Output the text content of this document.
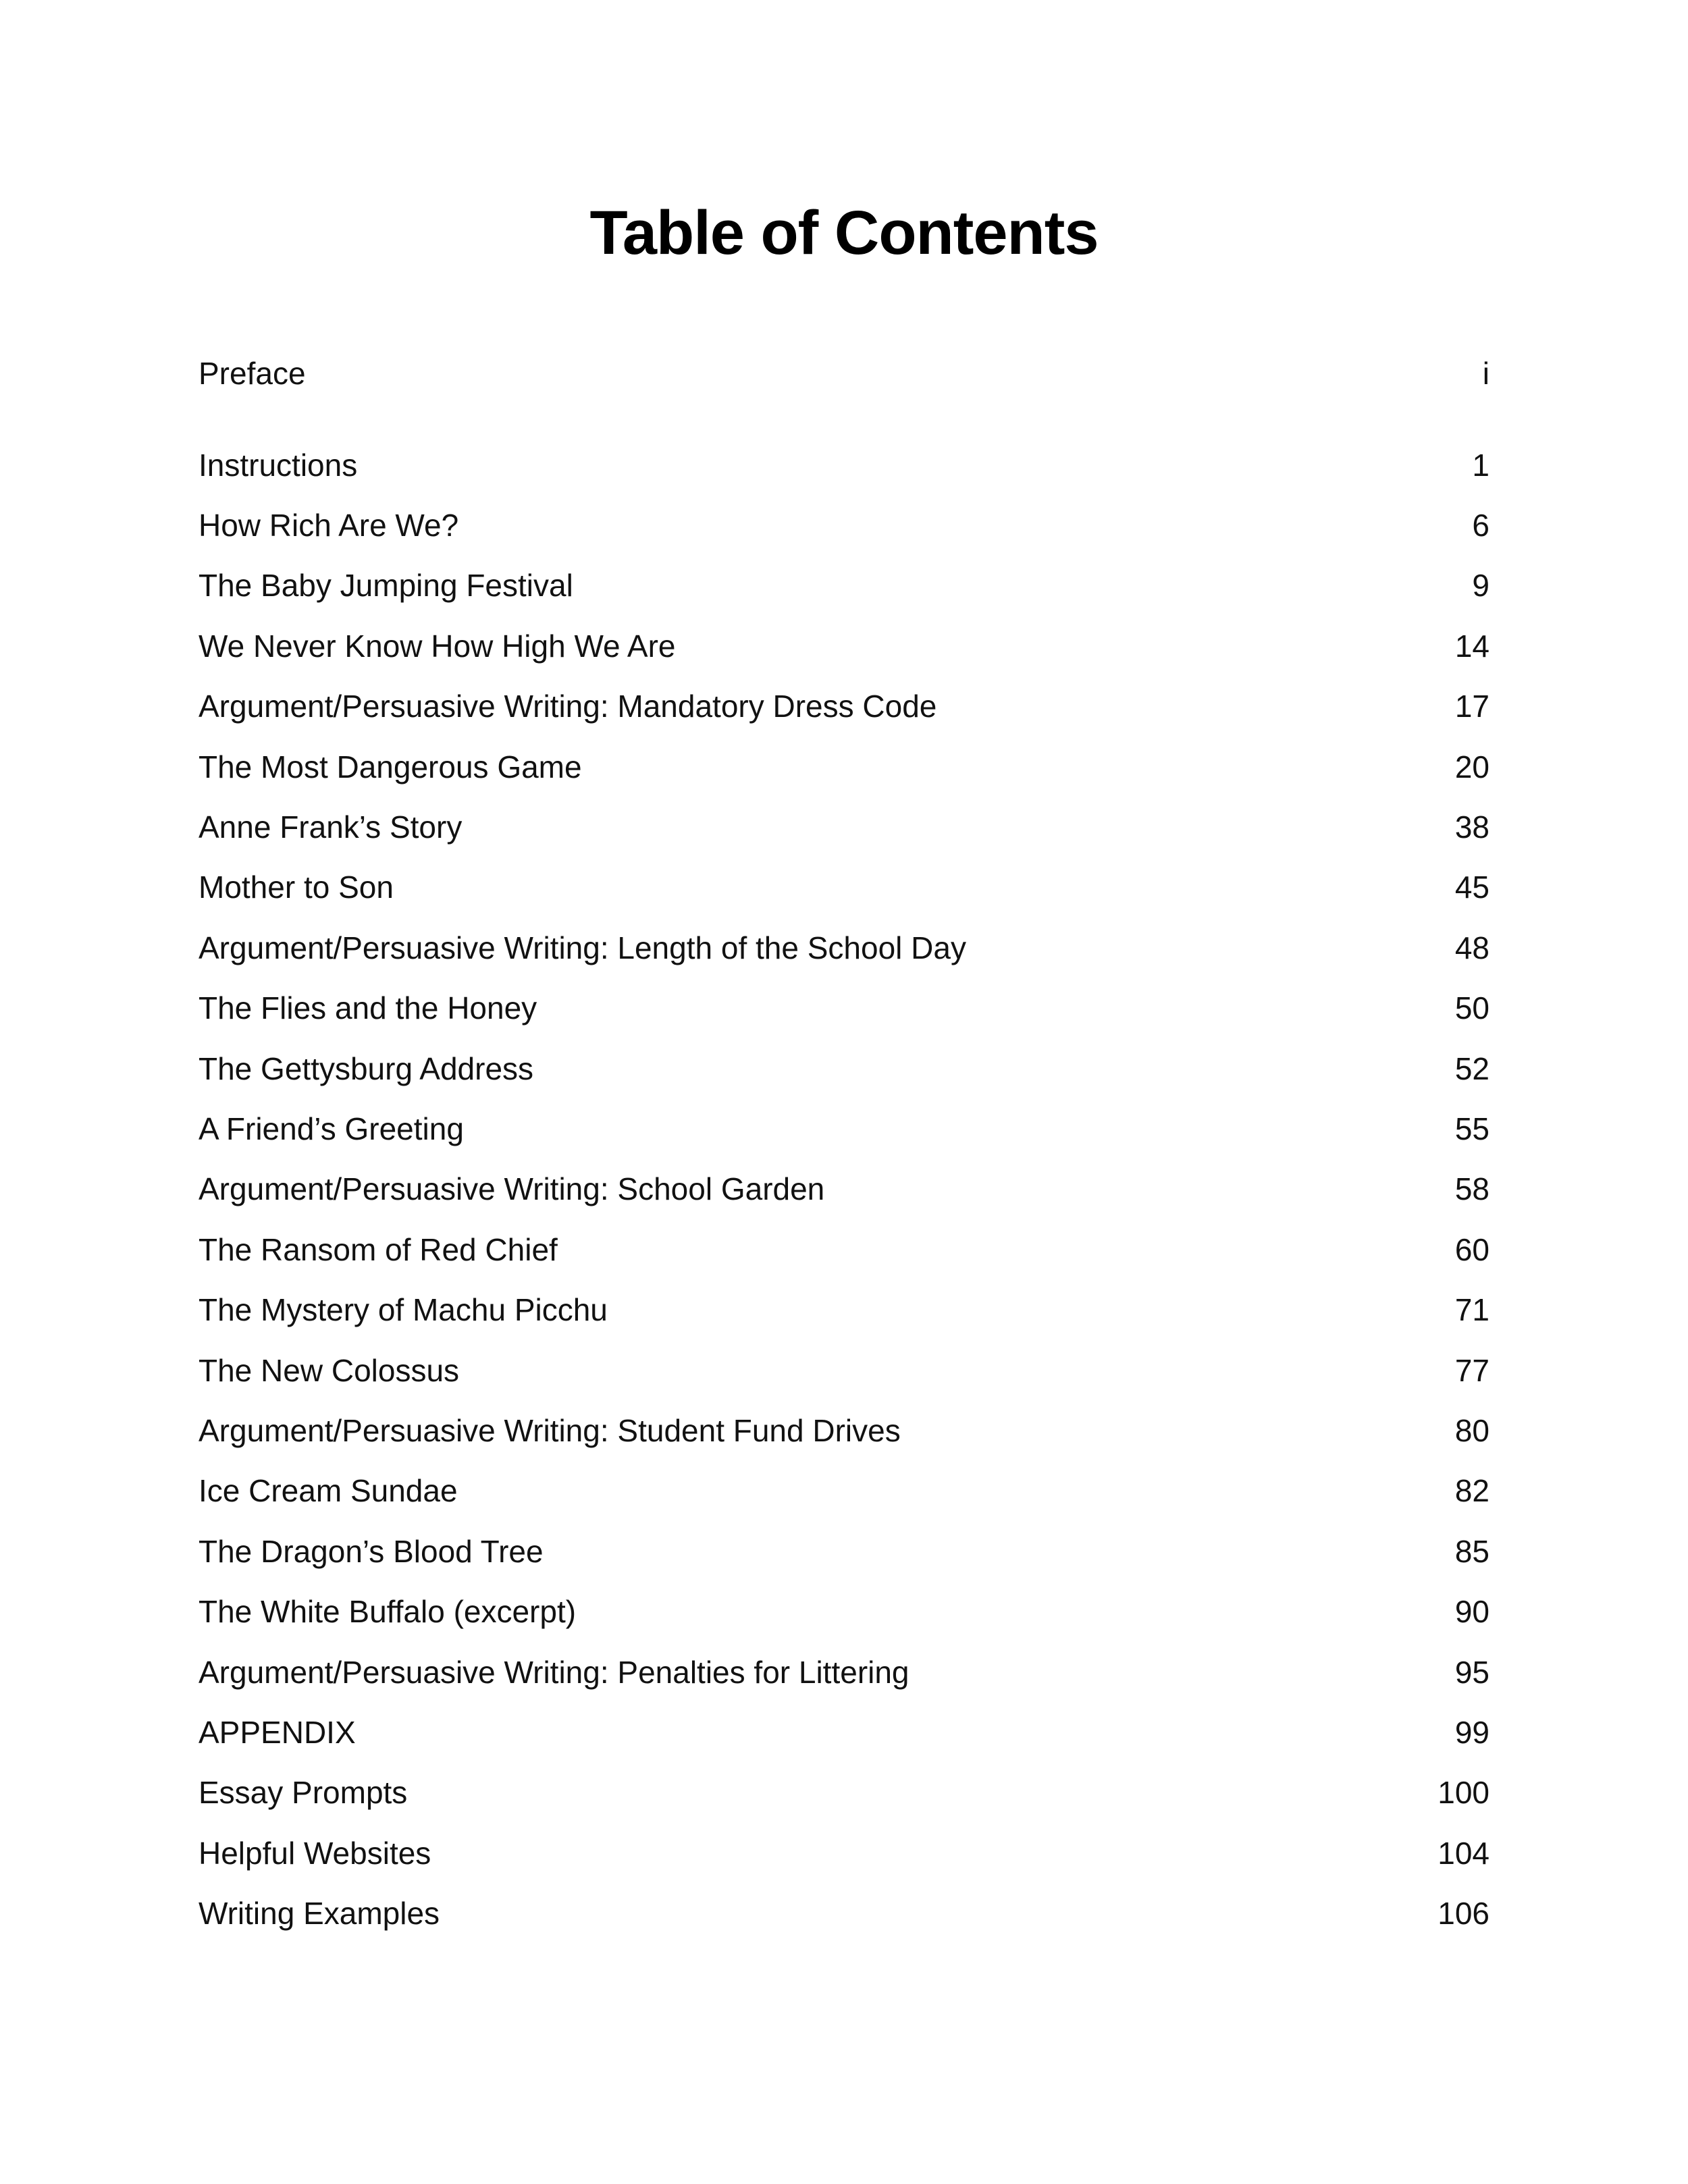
Table of Contents
Preface	i
Instructions	1
How Rich Are We?	6
The Baby Jumping Festival	9
We Never Know How High We Are	14
Argument/Persuasive Writing: Mandatory Dress Code	17
The Most Dangerous Game	20
Anne Frank’s Story	38
Mother to Son	45
Argument/Persuasive Writing: Length of the School Day	48
The Flies and the Honey	50
The Gettysburg Address	52
A Friend’s Greeting	55
Argument/Persuasive Writing: School Garden	58
The Ransom of Red Chief	60
The Mystery of Machu Picchu	71
The New Colossus	77
Argument/Persuasive Writing: Student Fund Drives	80
Ice Cream Sundae	82
The Dragon’s Blood Tree	85
The White Buffalo (excerpt)	90
Argument/Persuasive Writing: Penalties for Littering	95
APPENDIX	99
Essay Prompts	100
Helpful Websites	104
Writing Examples	106
